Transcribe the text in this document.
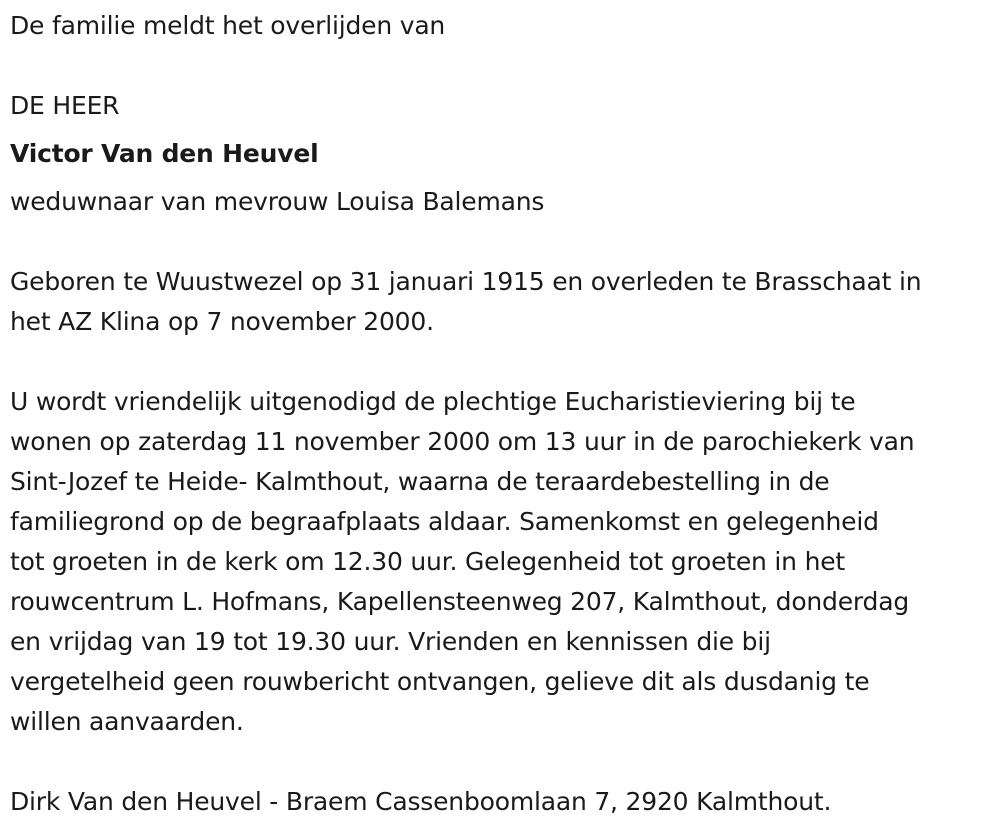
De familie meldt het overlijden van

DE HEER

Victor Van den Heuvel

weduwnaar van mevrouw Louisa Balemans

Geboren te Wuustwezel op 31 januari 1915 en overleden te Brasschaat in
het AZ Klina op 7 november 2000.

U wordt vriendelijk uitgenodigd de plechtige Eucharistieviering bij te
wonen op zaterdag 11 november 2000 om 13 uur in de parochiekerk van
Sint-Jozef te Heide- Kalmthout, waarna de teraardebestelling in de
familiegrond op de begraafplaats aldaar. Samenkomst en gelegenheid
tot groeten in de kerk om 12.30 uur. Gelegenheid tot groeten in het
rouwcentrum L. Hofmans, Kapellensteenweg 207, Kalmthout, donderdag
en vrijdag van 19 tot 19.30 uur. Vrienden en kennissen die bij
vergetelheid geen rouwbericht ontvangen, gelieve dit als dusdanig te
willen aanvaarden.

Dirk Van den Heuvel - Braem Cassenboomlaan 7, 2920 Kalmthout.
